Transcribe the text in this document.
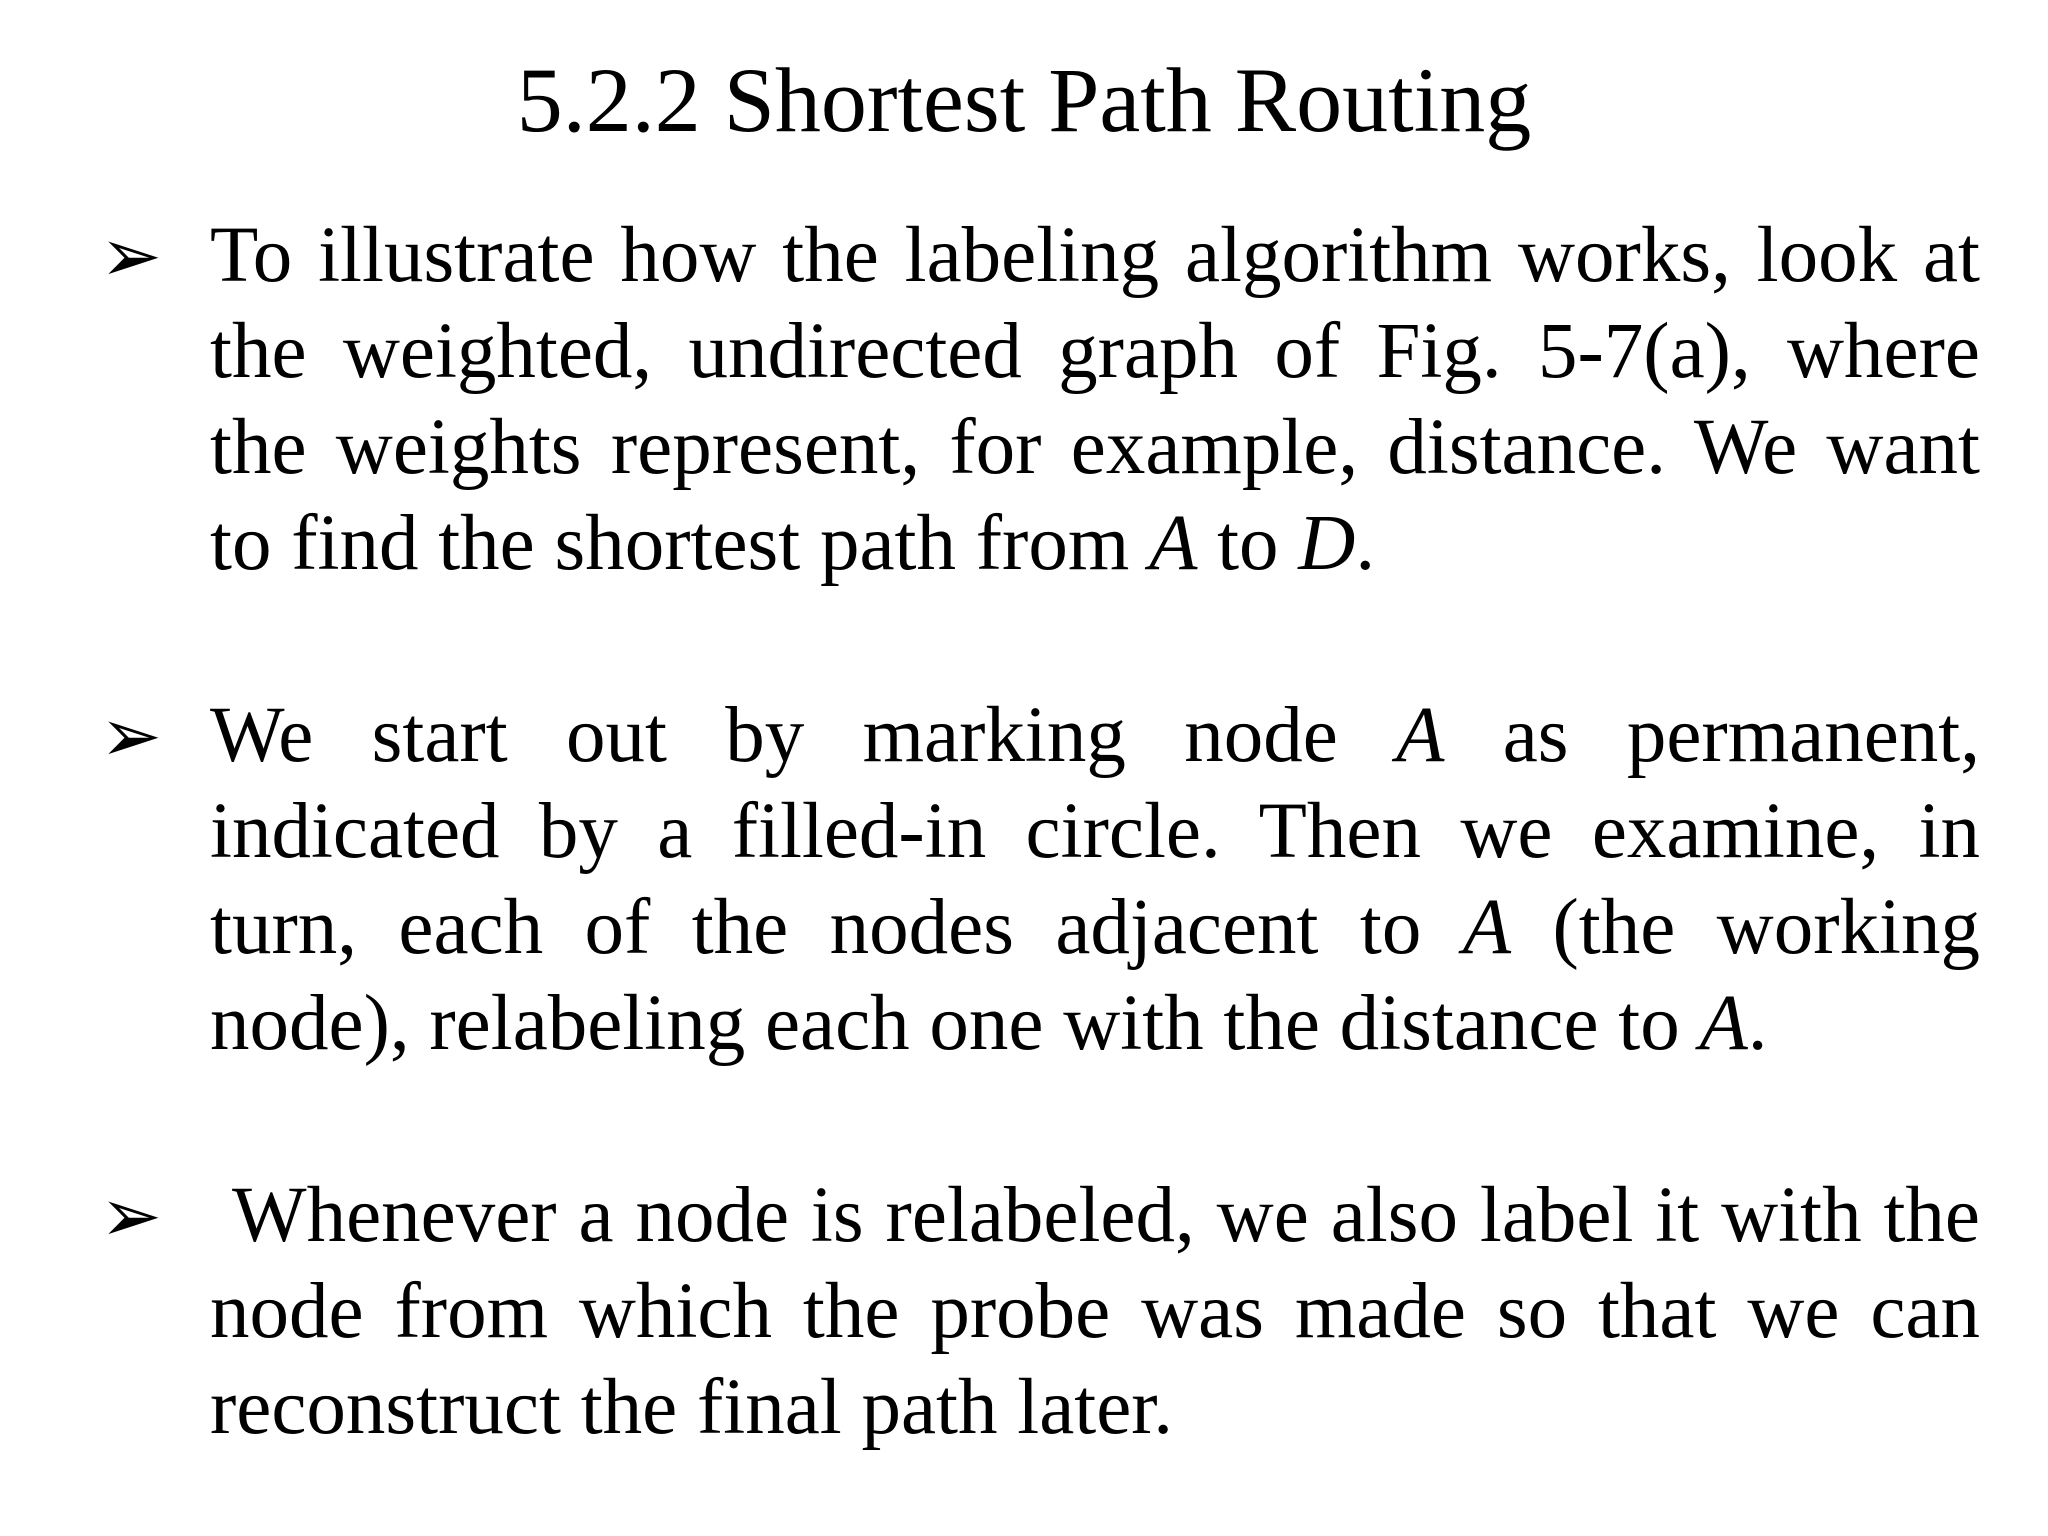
5.2.2 Shortest Path Routing
➢ To illustrate how the labeling algorithm works, look at the weighted, undirected graph of Fig. 5-7(a), where the weights represent, for example, distance. We want to find the shortest path from A to D.

➢ We start out by marking node A as permanent, indicated by a filled-in circle. Then we examine, in turn, each of the nodes adjacent to A (the working node), relabeling each one with the distance to A.

➢ Whenever a node is relabeled, we also label it with the node from which the probe was made so that we can reconstruct the final path later.
